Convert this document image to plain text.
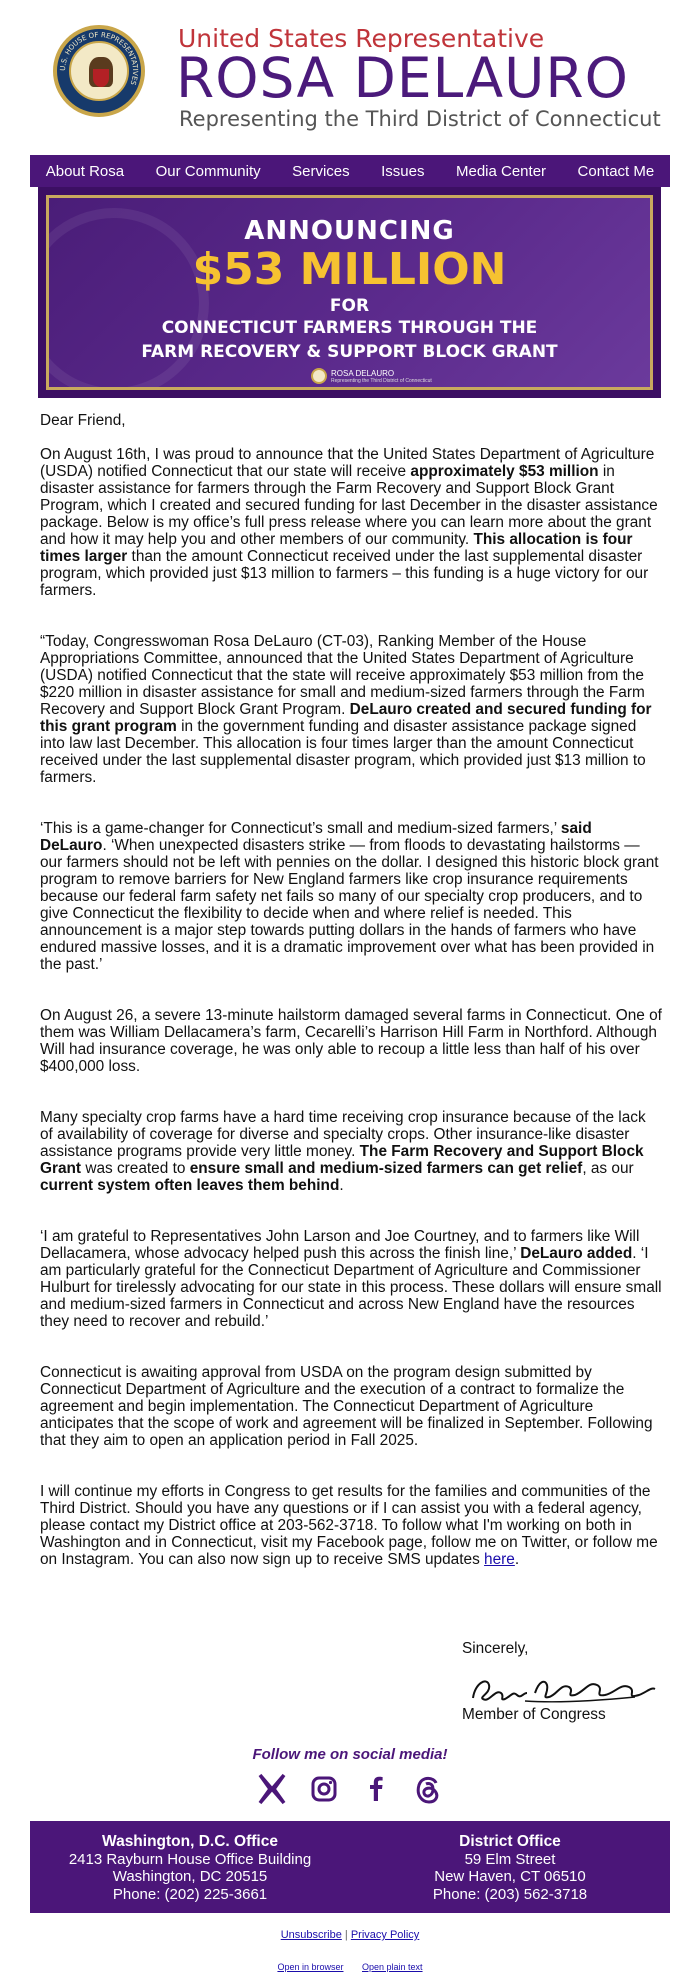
U.S. HOUSE OF REPRESENTATIVES
United States Representative
ROSA DELAURO
Representing the Third District of Connecticut
About Rosa Our Community Services Issues Media Center Contact Me
ANNOUNCING
$53 MILLION
FOR
CONNECTICUT FARMERS THROUGH THE
FARM RECOVERY & SUPPORT BLOCK GRANT
ROSA DELAURO
Representing the Third District of Connecticut

Dear Friend,

On August 16th, I was proud to announce that the United States Department of Agriculture (USDA) notified Connecticut that our state will receive approximately $53 million in disaster assistance for farmers through the Farm Recovery and Support Block Grant Program, which I created and secured funding for last December in the disaster assistance package. Below is my office’s full press release where you can learn more about the grant and how it may help you and other members of our community. This allocation is four times larger than the amount Connecticut received under the last supplemental disaster program, which provided just $13 million to farmers – this funding is a huge victory for our farmers.

“Today, Congresswoman Rosa DeLauro (CT-03), Ranking Member of the House Appropriations Committee, announced that the United States Department of Agriculture (USDA) notified Connecticut that the state will receive approximately $53 million from the $220 million in disaster assistance for small and medium-sized farmers through the Farm Recovery and Support Block Grant Program. DeLauro created and secured funding for this grant program in the government funding and disaster assistance package signed into law last December. This allocation is four times larger than the amount Connecticut received under the last supplemental disaster program, which provided just $13 million to farmers.

‘This is a game-changer for Connecticut’s small and medium-sized farmers,’ said DeLauro. ‘When unexpected disasters strike — from floods to devastating hailstorms — our farmers should not be left with pennies on the dollar. I designed this historic block grant program to remove barriers for New England farmers like crop insurance requirements because our federal farm safety net fails so many of our specialty crop producers, and to give Connecticut the flexibility to decide when and where relief is needed. This announcement is a major step towards putting dollars in the hands of farmers who have endured massive losses, and it is a dramatic improvement over what has been provided in the past.’

On August 26, a severe 13-minute hailstorm damaged several farms in Connecticut. One of them was William Dellacamera’s farm, Cecarelli’s Harrison Hill Farm in Northford. Although Will had insurance coverage, he was only able to recoup a little less than half of his over $400,000 loss.

Many specialty crop farms have a hard time receiving crop insurance because of the lack of availability of coverage for diverse and specialty crops. Other insurance-like disaster assistance programs provide very little money. The Farm Recovery and Support Block Grant was created to ensure small and medium-sized farmers can get relief, as our current system often leaves them behind.

‘I am grateful to Representatives John Larson and Joe Courtney, and to farmers like Will Dellacamera, whose advocacy helped push this across the finish line,’ DeLauro added. ‘I am particularly grateful for the Connecticut Department of Agriculture and Commissioner Hulburt for tirelessly advocating for our state in this process. These dollars will ensure small and medium-sized farmers in Connecticut and across New England have the resources they need to recover and rebuild.’

Connecticut is awaiting approval from USDA on the program design submitted by Connecticut Department of Agriculture and the execution of a contract to formalize the agreement and begin implementation. The Connecticut Department of Agriculture anticipates that the scope of work and agreement will be finalized in September. Following that they aim to open an application period in Fall 2025.

I will continue my efforts in Congress to get results for the families and communities of the Third District. Should you have any questions or if I can assist you with a federal agency, please contact my District office at 203-562-3718. To follow what I'm working on both in Washington and in Connecticut, visit my Facebook page, follow me on Twitter, or follow me on Instagram. You can also now sign up to receive SMS updates here.

Sincerely,
Member of Congress
Follow me on social media!
Washington, D.C. Office
2413 Rayburn House Office Building
Washington, DC 20515
Phone: (202) 225-3661
District Office
59 Elm Street
New Haven, CT 06510
Phone: (203) 562-3718
Unsubscribe | Privacy Policy
Open in browser Open plain text
